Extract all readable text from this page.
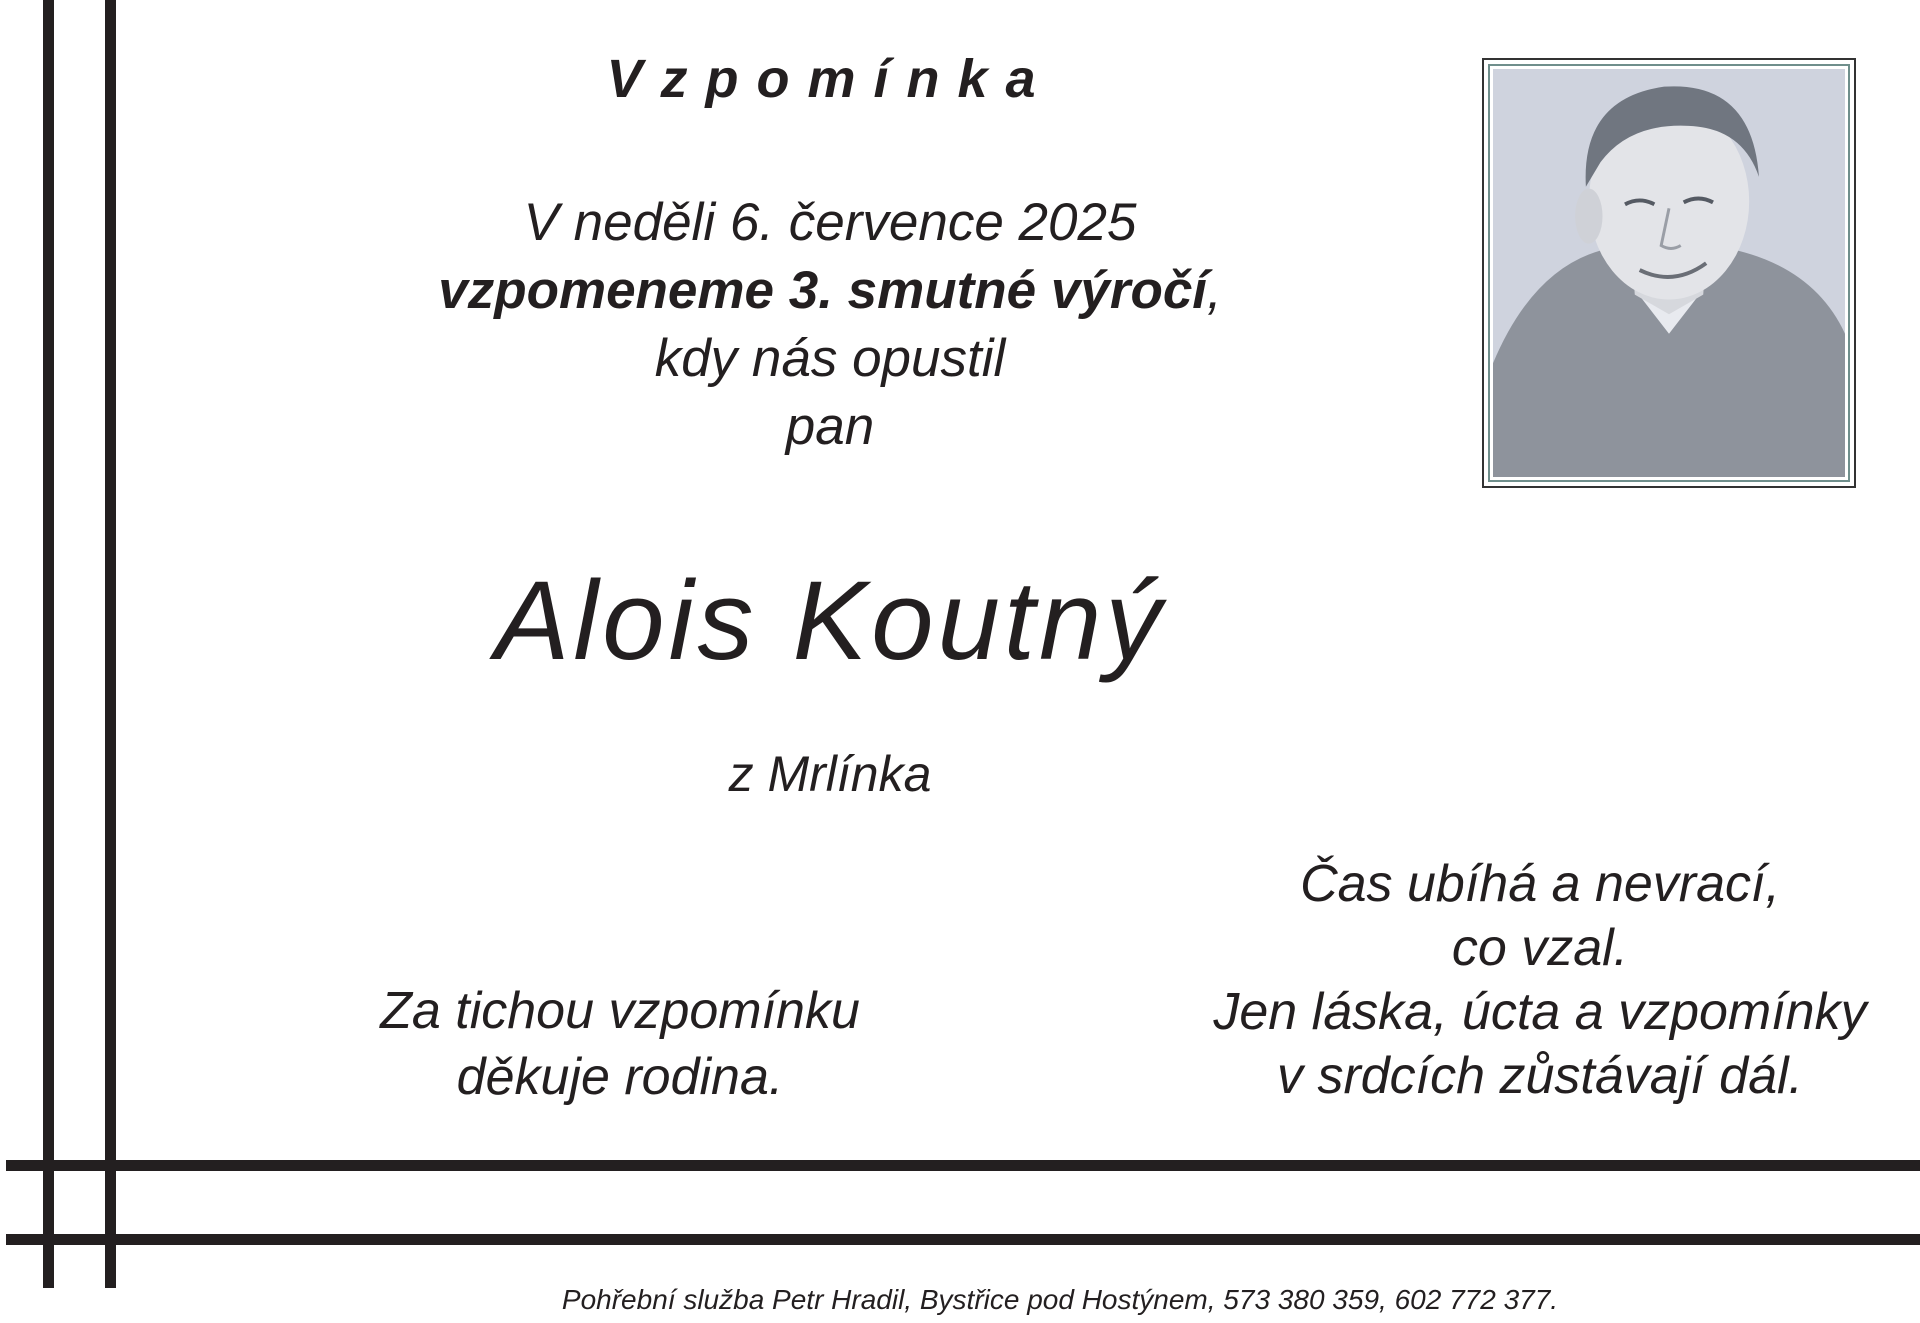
Vzpomínka
V neděli 6. července 2025
vzpomeneme 3. smutné výročí,
kdy nás opustil
pan
Alois Koutný
z Mrlínka
Za tichou vzpomínku
děkuje rodina.
Čas ubíhá a nevrací,
co vzal.
Jen láska, úcta a vzpomínky
v srdcích zůstávají dál.
Pohřební služba Petr Hradil, Bystřice pod Hostýnem, 573 380 359, 602 772 377.
